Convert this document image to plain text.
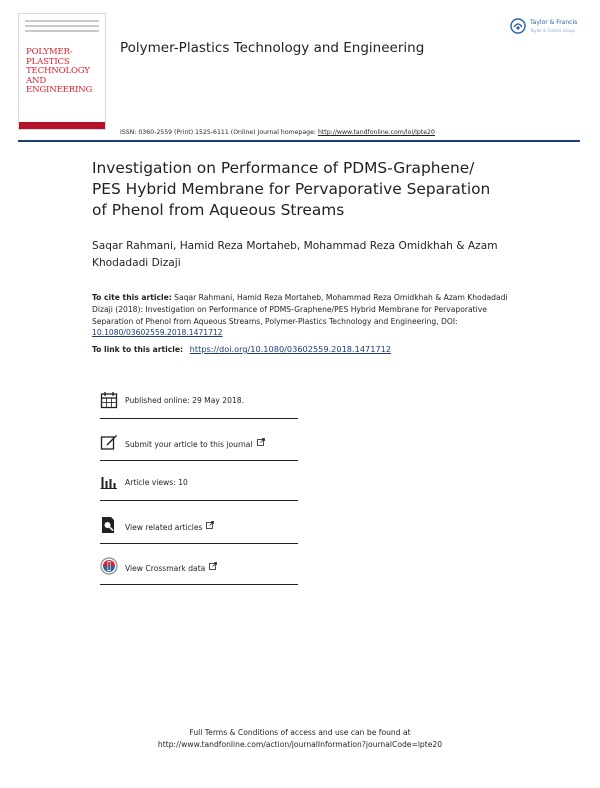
POLYMER-PLASTICS
TECHNOLOGY
AND
ENGINEERING
Taylor & Francis
Taylor & Francis Group
Polymer-Plastics Technology and Engineering
ISSN: 0360-2559 (Print) 1525-6111 (Online) Journal homepage: http://www.tandfonline.com/loi/lpte20
Investigation on Performance of PDMS-Graphene/ PES Hybrid Membrane for Pervaporative Separation of Phenol from Aqueous Streams
Saqar Rahmani, Hamid Reza Mortaheb, Mohammad Reza Omidkhah & Azam Khodadadi Dizaji
To cite this article: Saqar Rahmani, Hamid Reza Mortaheb, Mohammad Reza Omidkhah & Azam Khodadadi Dizaji (2018): Investigation on Performance of PDMS-Graphene/PES Hybrid Membrane for Pervaporative Separation of Phenol from Aqueous Streams, Polymer-Plastics Technology and Engineering, DOI: 10.1080/03602559.2018.1471712
To link to this article: https://doi.org/10.1080/03602559.2018.1471712
Published online: 29 May 2018.
Submit your article to this journal
Article views: 10
View related articles
View Crossmark data
Full Terms & Conditions of access and use can be found at
http://www.tandfonline.com/action/journalInformation?journalCode=lpte20
